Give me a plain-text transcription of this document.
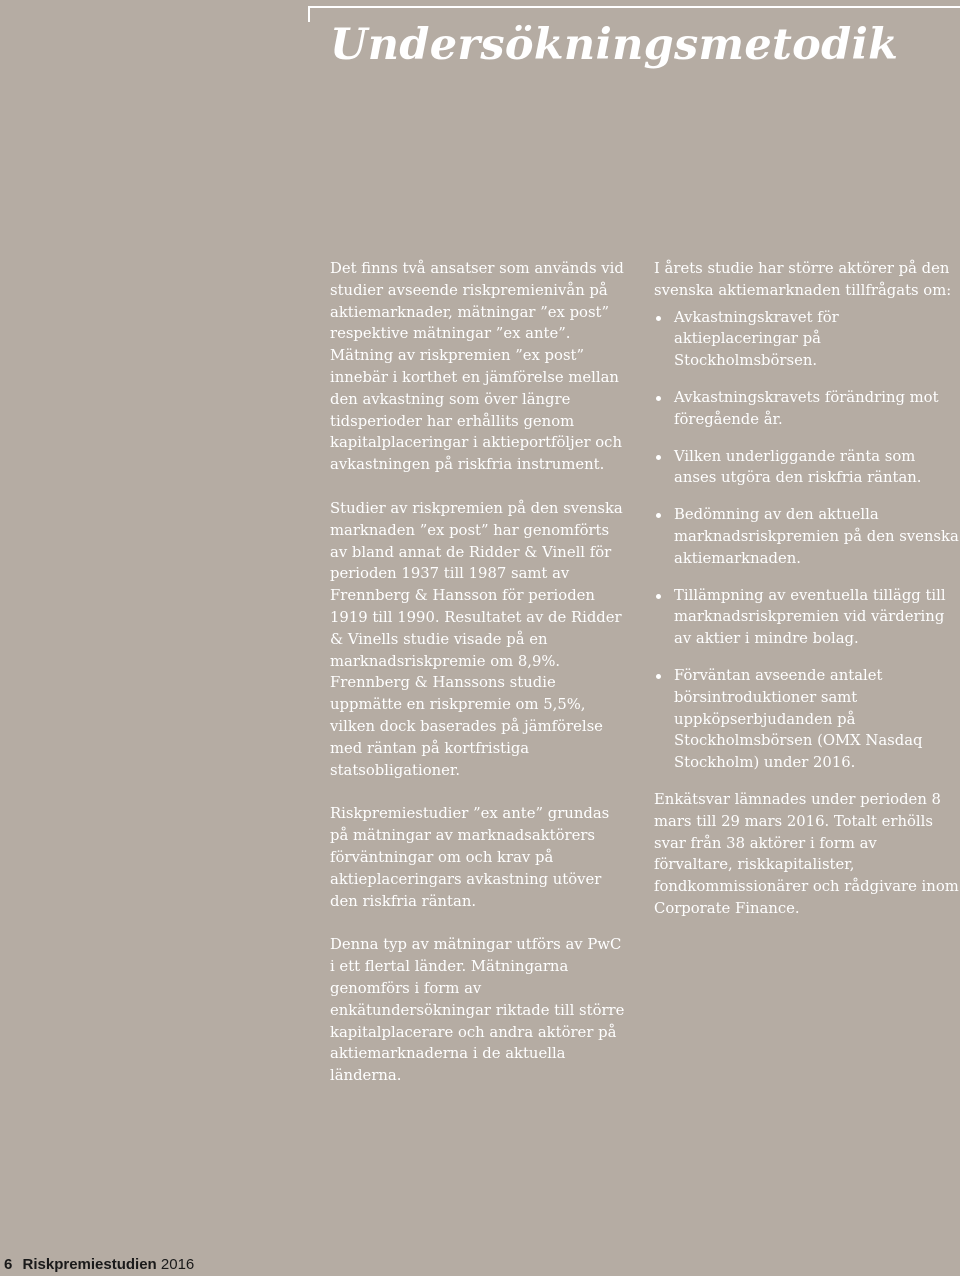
Undersökningsmetodik

Det finns två ansatser som används vid studier avseende riskpremienivån på aktiemarknader, mätningar ”ex post” respektive mätningar ”ex ante”. Mätning av riskpremien ”ex post” innebär i korthet en jämförelse mellan den avkastning som över längre tidsperioder har erhållits genom kapitalplaceringar i aktieportföljer och avkastningen på riskfria instrument.

Studier av riskpremien på den svenska marknaden ”ex post” har genomförts av bland annat de Ridder & Vinell för perioden 1937 till 1987 samt av Frennberg & Hansson för perioden 1919 till 1990. Resultatet av de Ridder & Vinells studie visade på en marknadsriskpremie om 8,9%. Frennberg & Hanssons studie uppmätte en riskpremie om 5,5%, vilken dock baserades på jämförelse med räntan på kortfristiga statsobligationer.

Riskpremiestudier ”ex ante” grundas på mätningar av marknadsaktörers förväntningar om och krav på aktieplaceringars avkastning utöver den riskfria räntan.

Denna typ av mätningar utförs av PwC i ett flertal länder. Mätningarna genomförs i form av enkätundersökningar riktade till större kapitalplacerare och andra aktörer på aktiemarknaderna i de aktuella länderna.

I årets studie har större aktörer på den svenska aktiemarknaden tillfrågats om:

Avkastningskravet för aktieplaceringar på Stockholmsbörsen.
Avkastningskravets förändring mot föregående år.
Vilken underliggande ränta som anses utgöra den riskfria räntan.
Bedömning av den aktuella marknadsriskpremien på den svenska aktiemarknaden.
Tillämpning av eventuella tillägg till marknadsriskpremien vid värdering av aktier i mindre bolag.
Förväntan avseende antalet börsintroduktioner samt uppköpserbjudanden på Stockholmsbörsen (OMX Nasdaq Stockholm) under 2016.

Enkätsvar lämnades under perioden 8 mars till 29 mars 2016. Totalt erhölls svar från 38 aktörer i form av förvaltare, riskkapitalister, fondkommissionärer och rådgivare inom Corporate Finance.

6 Riskpremiestudien 2016
